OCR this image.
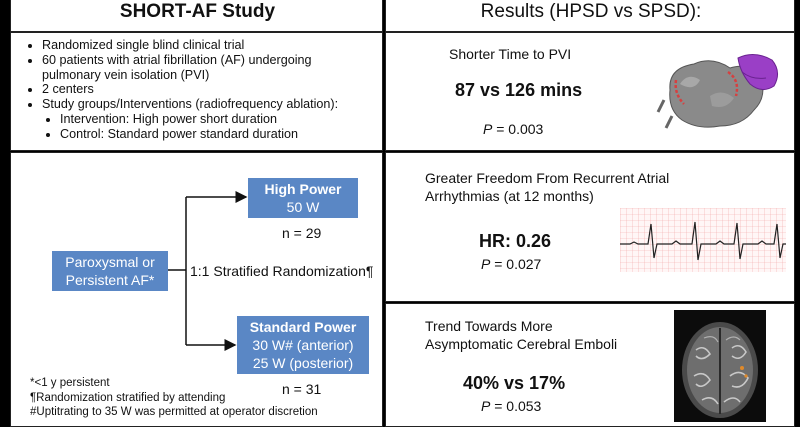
SHORT-AF Study
• Randomized single blind clinical trial
• 60 patients with atrial fibrillation (AF) undergoing pulmonary vein isolation (PVI)
• 2 centers
• Study groups/Interventions (radiofrequency ablation):
• Intervention: High power short duration
• Control: Standard power standard duration
Paroxysmal or
Persistent AF*
1:1 Stratified Randomization¶
High Power
50 W
n = 29
Standard Power
30 W# (anterior)
25 W (posterior)
n = 31
*<1 y persistent
¶Randomization stratified by attending
#Uptitrating to 35 W was permitted at operator discretion
Results (HPSD vs SPSD):
Shorter Time to PVI
87 vs 126 mins
P = 0.003
Greater Freedom From Recurrent Atrial
Arrhythmias (at 12 months)
HR: 0.26
P = 0.027
Trend Towards More
Asymptomatic Cerebral Emboli
40% vs 17%
P = 0.053
